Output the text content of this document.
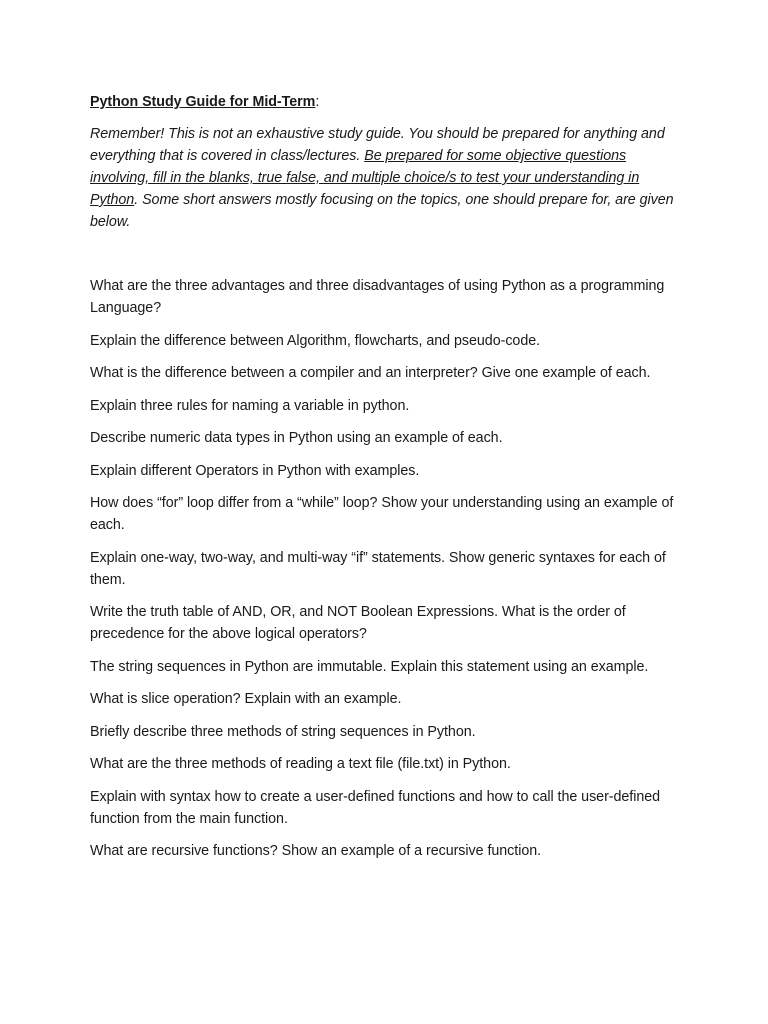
Python Study Guide for Mid-Term:

Remember! This is not an exhaustive study guide. You should be prepared for anything and everything that is covered in class/lectures. Be prepared for some objective questions involving, fill in the blanks, true false, and multiple choice/s to test your understanding in Python. Some short answers mostly focusing on the topics, one should prepare for, are given below.

What are the three advantages and three disadvantages of using Python as a programming Language?
Explain the difference between Algorithm, flowcharts, and pseudo-code.
What is the difference between a compiler and an interpreter? Give one example of each.
Explain three rules for naming a variable in python.
Describe numeric data types in Python using an example of each.
Explain different Operators in Python with examples.
How does “for” loop differ from a “while” loop? Show your understanding using an example of each.
Explain one-way, two-way, and multi-way “if” statements. Show generic syntaxes for each of them.
Write the truth table of AND, OR, and NOT Boolean Expressions. What is the order of precedence for the above logical operators?
The string sequences in Python are immutable. Explain this statement using an example.
What is slice operation? Explain with an example.
Briefly describe three methods of string sequences in Python.
What are the three methods of reading a text file (file.txt) in Python.
Explain with syntax how to create a user-defined functions and how to call the user-defined function from the main function.
What are recursive functions? Show an example of a recursive function.
